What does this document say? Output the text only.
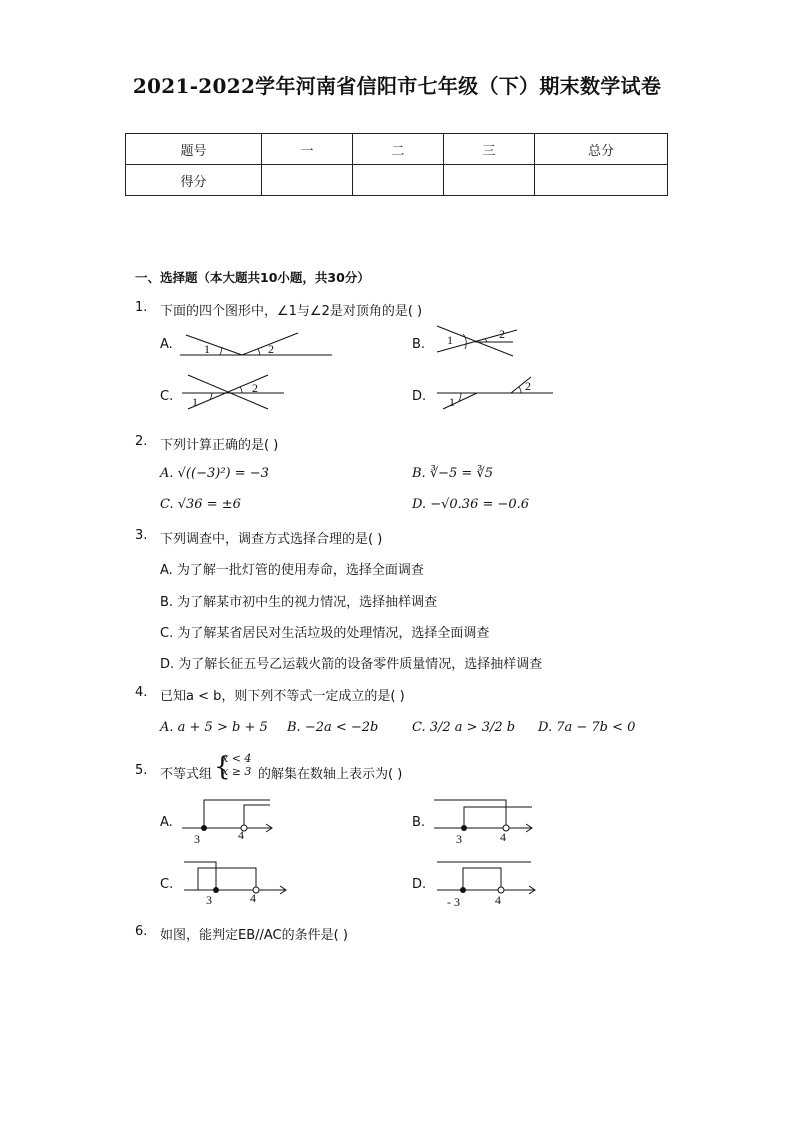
2021-2022学年河南省信阳市七年级（下）期末数学试卷
题号	一	二	三	总分
得分				
一、选择题（本大题共10小题，共30分）
1. 下面的四个图形中，∠1与∠2是对顶角的是( )
A.	1	2	B. 1	2
C. 1
2
D. 1
2
2. 下列计算正确的是( )
A. √((−3)²) = −3	B. ∛−5 = ∛5
C. √36 = ±6	D. −√0.36 = −0.6
3. 下列调查中，调查方式选择合理的是( )
A. 为了解一批灯管的使用寿命，选择全面调查
B. 为了解某市初中生的视力情况，选择抽样调查
C. 为了解某省居民对生活垃圾的处理情况，选择全面调查
D. 为了解长征五号乙运载火箭的设备零件质量情况，选择抽样调查
4. 已知a < b，则下列不等式一定成立的是( )
A. a + 5 > b + 5 B. −2a < −2b	C. 3/2 a > 3/2 b D. 7a − 7b < 0
5. 不等式组 {
x < 4
x ≥ 3 的解集在数轴上表示为( )
A.
3	4
B.
3	4
C.
3	4
D.
- 3	4
6. 如图，能判定EB//AC的条件是( )
